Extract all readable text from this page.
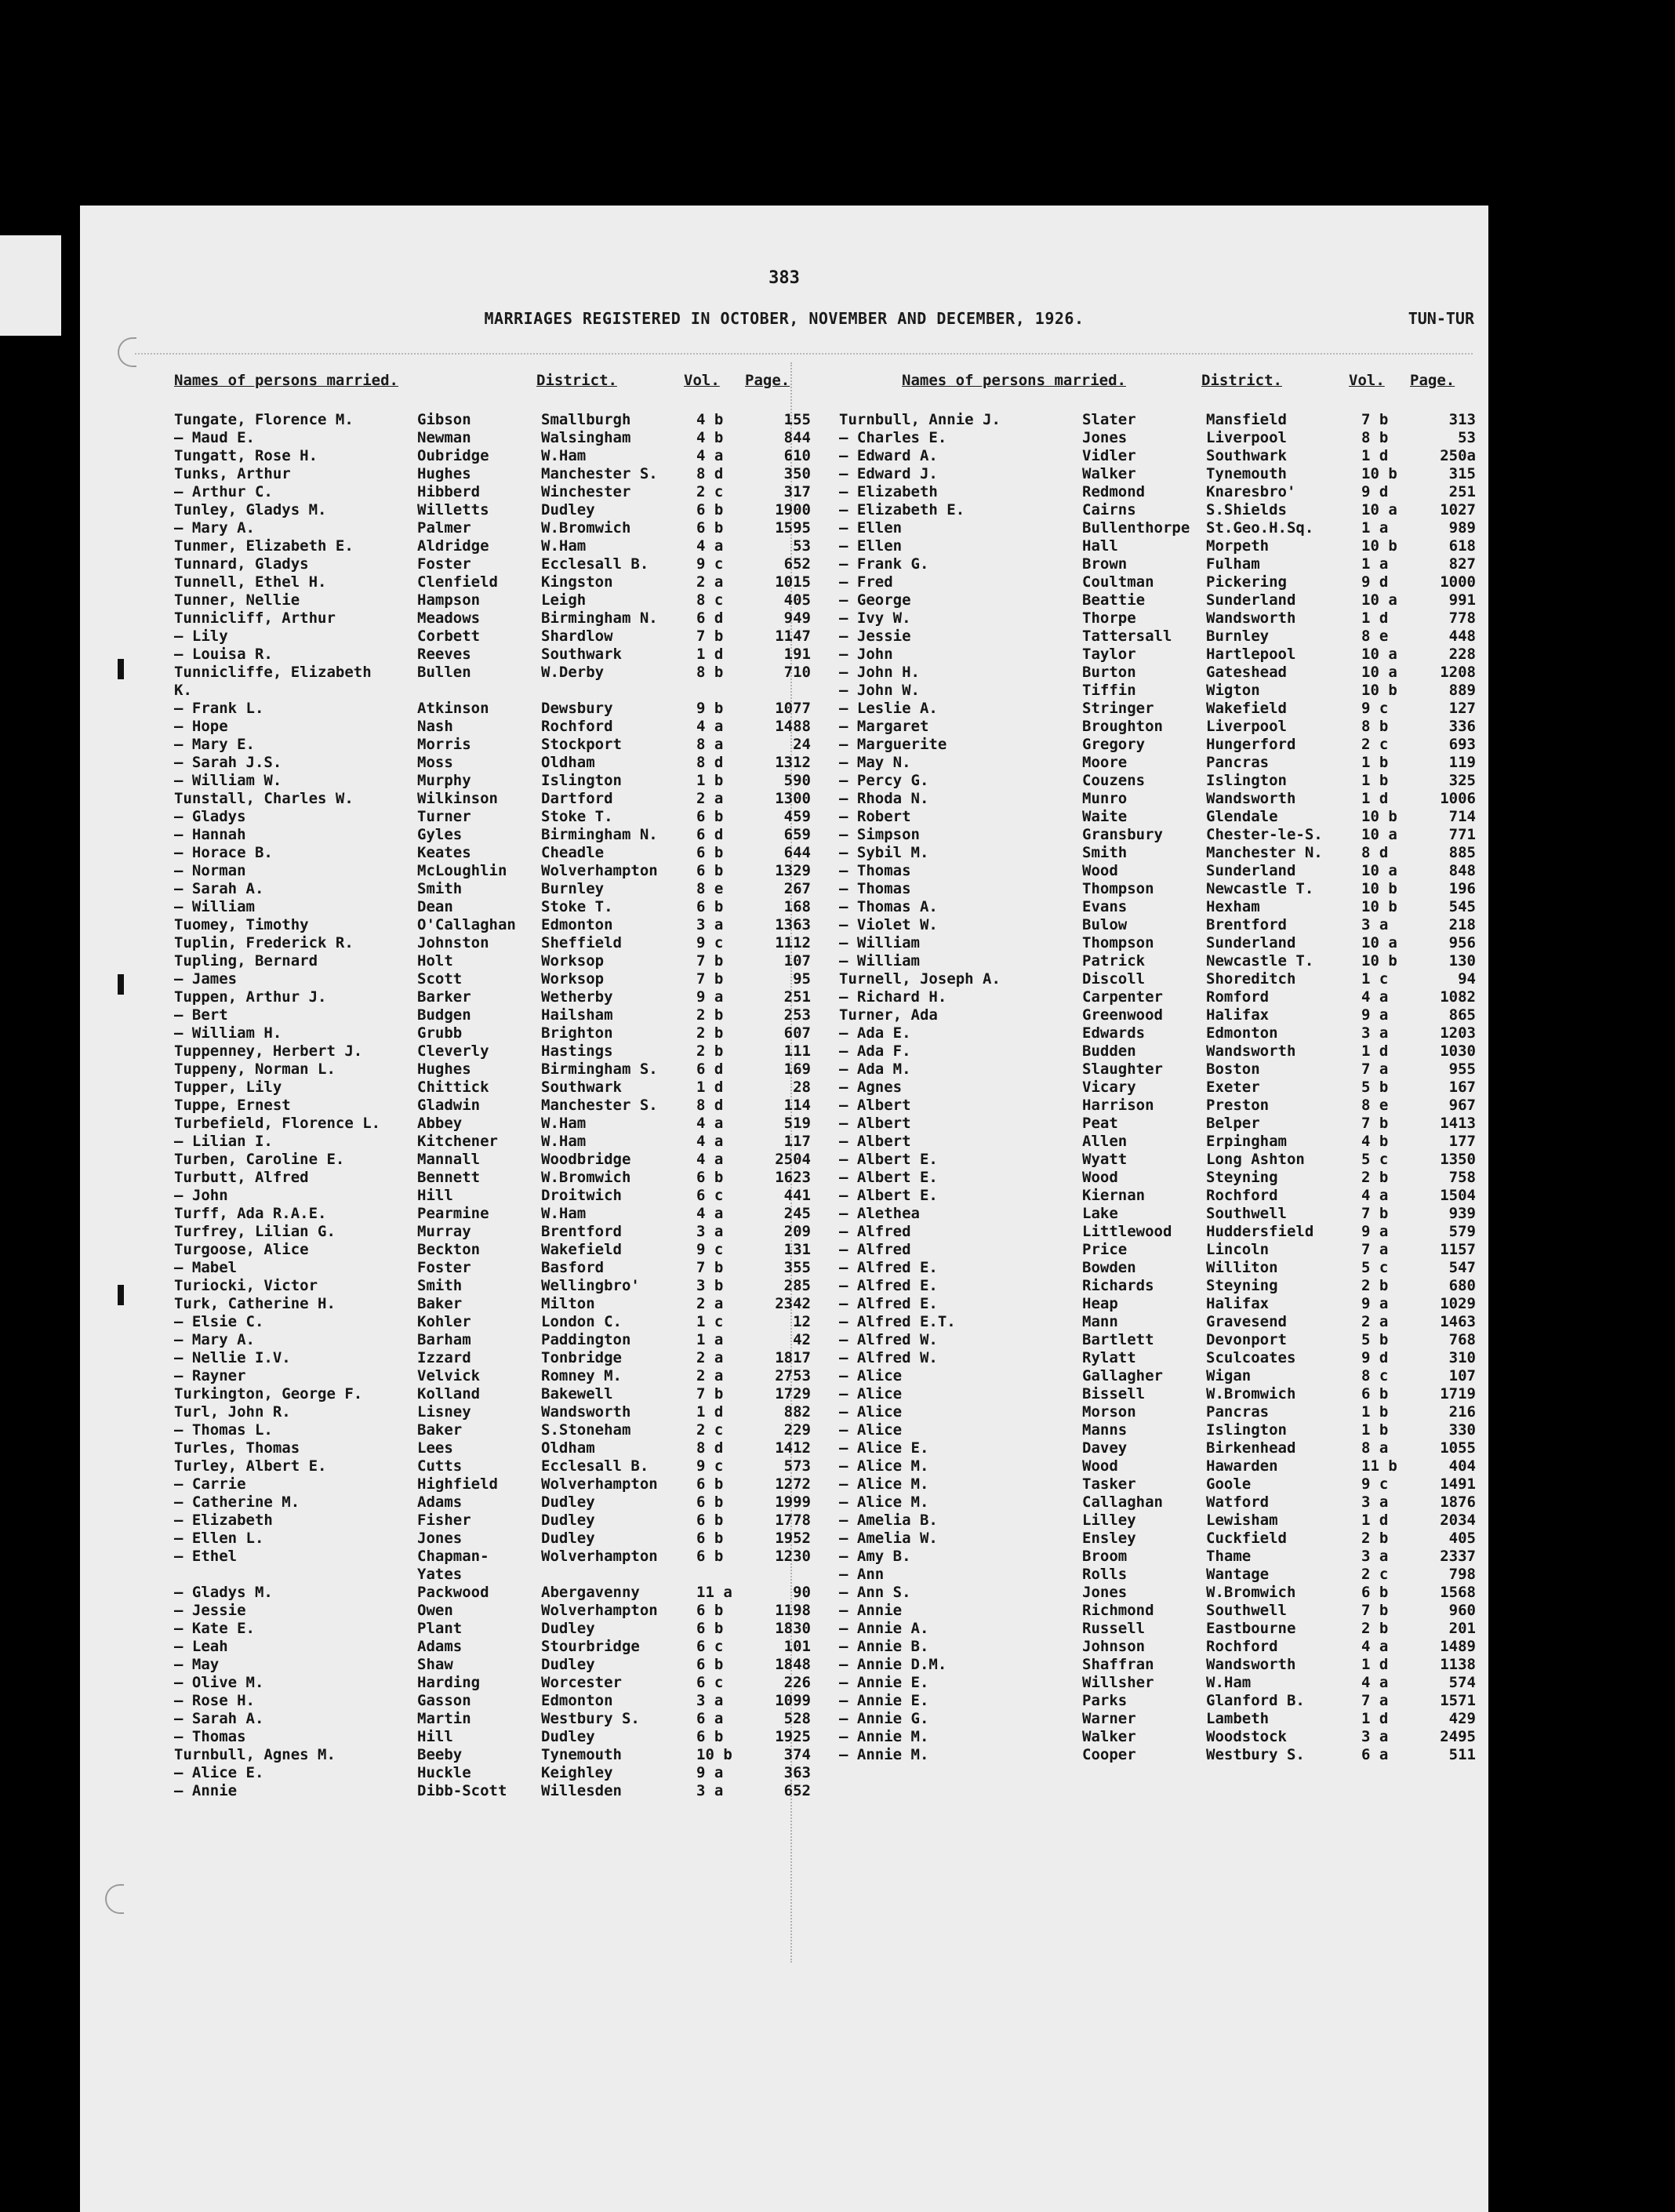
383
MARRIAGES REGISTERED IN OCTOBER, NOVEMBER AND DECEMBER, 1926.	TUN-TUR
Names of persons married.	District.	Vol.	Page.
Tungate, Florence M.	Gibson	Smallburgh	4 b	155
— Maud E.	Newman	Walsingham	4 b	844
Tungatt, Rose H.	Oubridge	W.Ham	4 a	610
Tunks, Arthur	Hughes	Manchester S.	8 d	350
— Arthur C.	Hibberd	Winchester	2 c	317
Tunley, Gladys M.	Willetts	Dudley	6 b	1900
— Mary A.	Palmer	W.Bromwich	6 b	1595
Tunmer, Elizabeth E.	Aldridge	W.Ham	4 a	53
Tunnard, Gladys	Foster	Ecclesall B.	9 c	652
Tunnell, Ethel H.	Clenfield	Kingston	2 a	1015
Tunner, Nellie	Hampson	Leigh	8 c	405
Tunnicliff, Arthur	Meadows	Birmingham N.	6 d	949
— Lily	Corbett	Shardlow	7 b	1147
— Louisa R.	Reeves	Southwark	1 d	191
Tunnicliffe, Elizabeth	Bullen	W.Derby	8 b	710
K.
— Frank L.	Atkinson	Dewsbury	9 b	1077
— Hope	Nash	Rochford	4 a	1488
— Mary E.	Morris	Stockport	8 a	24
— Sarah J.S.	Moss	Oldham	8 d	1312
— William W.	Murphy	Islington	1 b	590
Tunstall, Charles W.	Wilkinson	Dartford	2 a	1300
— Gladys	Turner	Stoke T.	6 b	459
— Hannah	Gyles	Birmingham N.	6 d	659
— Horace B.	Keates	Cheadle	6 b	644
— Norman	McLoughlin	Wolverhampton	6 b	1329
— Sarah A.	Smith	Burnley	8 e	267
— William	Dean	Stoke T.	6 b	168
Tuomey, Timothy	O'Callaghan	Edmonton	3 a	1363
Tuplin, Frederick R.	Johnston	Sheffield	9 c	1112
Tupling, Bernard	Holt	Worksop	7 b	107
— James	Scott	Worksop	7 b	95
Tuppen, Arthur J.	Barker	Wetherby	9 a	251
— Bert	Budgen	Hailsham	2 b	253
— William H.	Grubb	Brighton	2 b	607
Tuppenney, Herbert J.	Cleverly	Hastings	2 b	111
Tuppeny, Norman L.	Hughes	Birmingham S.	6 d	169
Tupper, Lily	Chittick	Southwark	1 d	28
Tuppe, Ernest	Gladwin	Manchester S.	8 d	114
Turbefield, Florence L.	Abbey	W.Ham	4 a	519
— Lilian I.	Kitchener	W.Ham	4 a	117
Turben, Caroline E.	Mannall	Woodbridge	4 a	2504
Turbutt, Alfred	Bennett	W.Bromwich	6 b	1623
— John	Hill	Droitwich	6 c	441
Turff, Ada R.A.E.	Pearmine	W.Ham	4 a	245
Turfrey, Lilian G.	Murray	Brentford	3 a	209
Turgoose, Alice	Beckton	Wakefield	9 c	131
— Mabel	Foster	Basford	7 b	355
Turiocki, Victor	Smith	Wellingbro'	3 b	285
Turk, Catherine H.	Baker	Milton	2 a	2342
— Elsie C.	Kohler	London C.	1 c	12
— Mary A.	Barham	Paddington	1 a	42
— Nellie I.V.	Izzard	Tonbridge	2 a	1817
— Rayner	Velvick	Romney M.	2 a	2753
Turkington, George F.	Kolland	Bakewell	7 b	1729
Turl, John R.	Lisney	Wandsworth	1 d	882
— Thomas L.	Baker	S.Stoneham	2 c	229
Turles, Thomas	Lees	Oldham	8 d	1412
Turley, Albert E.	Cutts	Ecclesall B.	9 c	573
— Carrie	Highfield	Wolverhampton	6 b	1272
— Catherine M.	Adams	Dudley	6 b	1999
— Elizabeth	Fisher	Dudley	6 b	1778
— Ellen L.	Jones	Dudley	6 b	1952
— Ethel	Chapman-	Wolverhampton	6 b	1230
Yates
— Gladys M.	Packwood	Abergavenny	11 a	90
— Jessie	Owen	Wolverhampton	6 b	1198
— Kate E.	Plant	Dudley	6 b	1830
— Leah	Adams	Stourbridge	6 c	101
— May	Shaw	Dudley	6 b	1848
— Olive M.	Harding	Worcester	6 c	226
— Rose H.	Gasson	Edmonton	3 a	1099
— Sarah A.	Martin	Westbury S.	6 a	528
— Thomas	Hill	Dudley	6 b	1925
Turnbull, Agnes M.	Beeby	Tynemouth	10 b	374
— Alice E.	Huckle	Keighley	9 a	363
— Annie	Dibb-Scott	Willesden	3 a	652
Names of persons married.	District.	Vol.	Page.
Turnbull, Annie J.	Slater	Mansfield	7 b	313
— Charles E.	Jones	Liverpool	8 b	53
— Edward A.	Vidler	Southwark	1 d	250a
— Edward J.	Walker	Tynemouth	10 b	315
— Elizabeth	Redmond	Knaresbro'	9 d	251
— Elizabeth E.	Cairns	S.Shields	10 a	1027
— Ellen	Bullenthorpe	St.Geo.H.Sq.	1 a	989
— Ellen	Hall	Morpeth	10 b	618
— Frank G.	Brown	Fulham	1 a	827
— Fred	Coultman	Pickering	9 d	1000
— George	Beattie	Sunderland	10 a	991
— Ivy W.	Thorpe	Wandsworth	1 d	778
— Jessie	Tattersall	Burnley	8 e	448
— John	Taylor	Hartlepool	10 a	228
— John H.	Burton	Gateshead	10 a	1208
— John W.	Tiffin	Wigton	10 b	889
— Leslie A.	Stringer	Wakefield	9 c	127
— Margaret	Broughton	Liverpool	8 b	336
— Marguerite	Gregory	Hungerford	2 c	693
— May N.	Moore	Pancras	1 b	119
— Percy G.	Couzens	Islington	1 b	325
— Rhoda N.	Munro	Wandsworth	1 d	1006
— Robert	Waite	Glendale	10 b	714
— Simpson	Gransbury	Chester-le-S.	10 a	771
— Sybil M.	Smith	Manchester N.	8 d	885
— Thomas	Wood	Sunderland	10 a	848
— Thomas	Thompson	Newcastle T.	10 b	196
— Thomas A.	Evans	Hexham	10 b	545
— Violet W.	Bulow	Brentford	3 a	218
— William	Thompson	Sunderland	10 a	956
— William	Patrick	Newcastle T.	10 b	130
Turnell, Joseph A.	Discoll	Shoreditch	1 c	94
— Richard H.	Carpenter	Romford	4 a	1082
Turner, Ada	Greenwood	Halifax	9 a	865
— Ada E.	Edwards	Edmonton	3 a	1203
— Ada F.	Budden	Wandsworth	1 d	1030
— Ada M.	Slaughter	Boston	7 a	955
— Agnes	Vicary	Exeter	5 b	167
— Albert	Harrison	Preston	8 e	967
— Albert	Peat	Belper	7 b	1413
— Albert	Allen	Erpingham	4 b	177
— Albert E.	Wyatt	Long Ashton	5 c	1350
— Albert E.	Wood	Steyning	2 b	758
— Albert E.	Kiernan	Rochford	4 a	1504
— Alethea	Lake	Southwell	7 b	939
— Alfred	Littlewood	Huddersfield	9 a	579
— Alfred	Price	Lincoln	7 a	1157
— Alfred E.	Bowden	Williton	5 c	547
— Alfred E.	Richards	Steyning	2 b	680
— Alfred E.	Heap	Halifax	9 a	1029
— Alfred E.T.	Mann	Gravesend	2 a	1463
— Alfred W.	Bartlett	Devonport	5 b	768
— Alfred W.	Rylatt	Sculcoates	9 d	310
— Alice	Gallagher	Wigan	8 c	107
— Alice	Bissell	W.Bromwich	6 b	1719
— Alice	Morson	Pancras	1 b	216
— Alice	Manns	Islington	1 b	330
— Alice E.	Davey	Birkenhead	8 a	1055
— Alice M.	Wood	Hawarden	11 b	404
— Alice M.	Tasker	Goole	9 c	1491
— Alice M.	Callaghan	Watford	3 a	1876
— Amelia B.	Lilley	Lewisham	1 d	2034
— Amelia W.	Ensley	Cuckfield	2 b	405
— Amy B.	Broom	Thame	3 a	2337
— Ann	Rolls	Wantage	2 c	798
— Ann S.	Jones	W.Bromwich	6 b	1568
— Annie	Richmond	Southwell	7 b	960
— Annie A.	Russell	Eastbourne	2 b	201
— Annie B.	Johnson	Rochford	4 a	1489
— Annie D.M.	Shaffran	Wandsworth	1 d	1138
— Annie E.	Willsher	W.Ham	4 a	574
— Annie E.	Parks	Glanford B.	7 a	1571
— Annie G.	Warner	Lambeth	1 d	429
— Annie M.	Walker	Woodstock	3 a	2495
— Annie M.	Cooper	Westbury S.	6 a	511
